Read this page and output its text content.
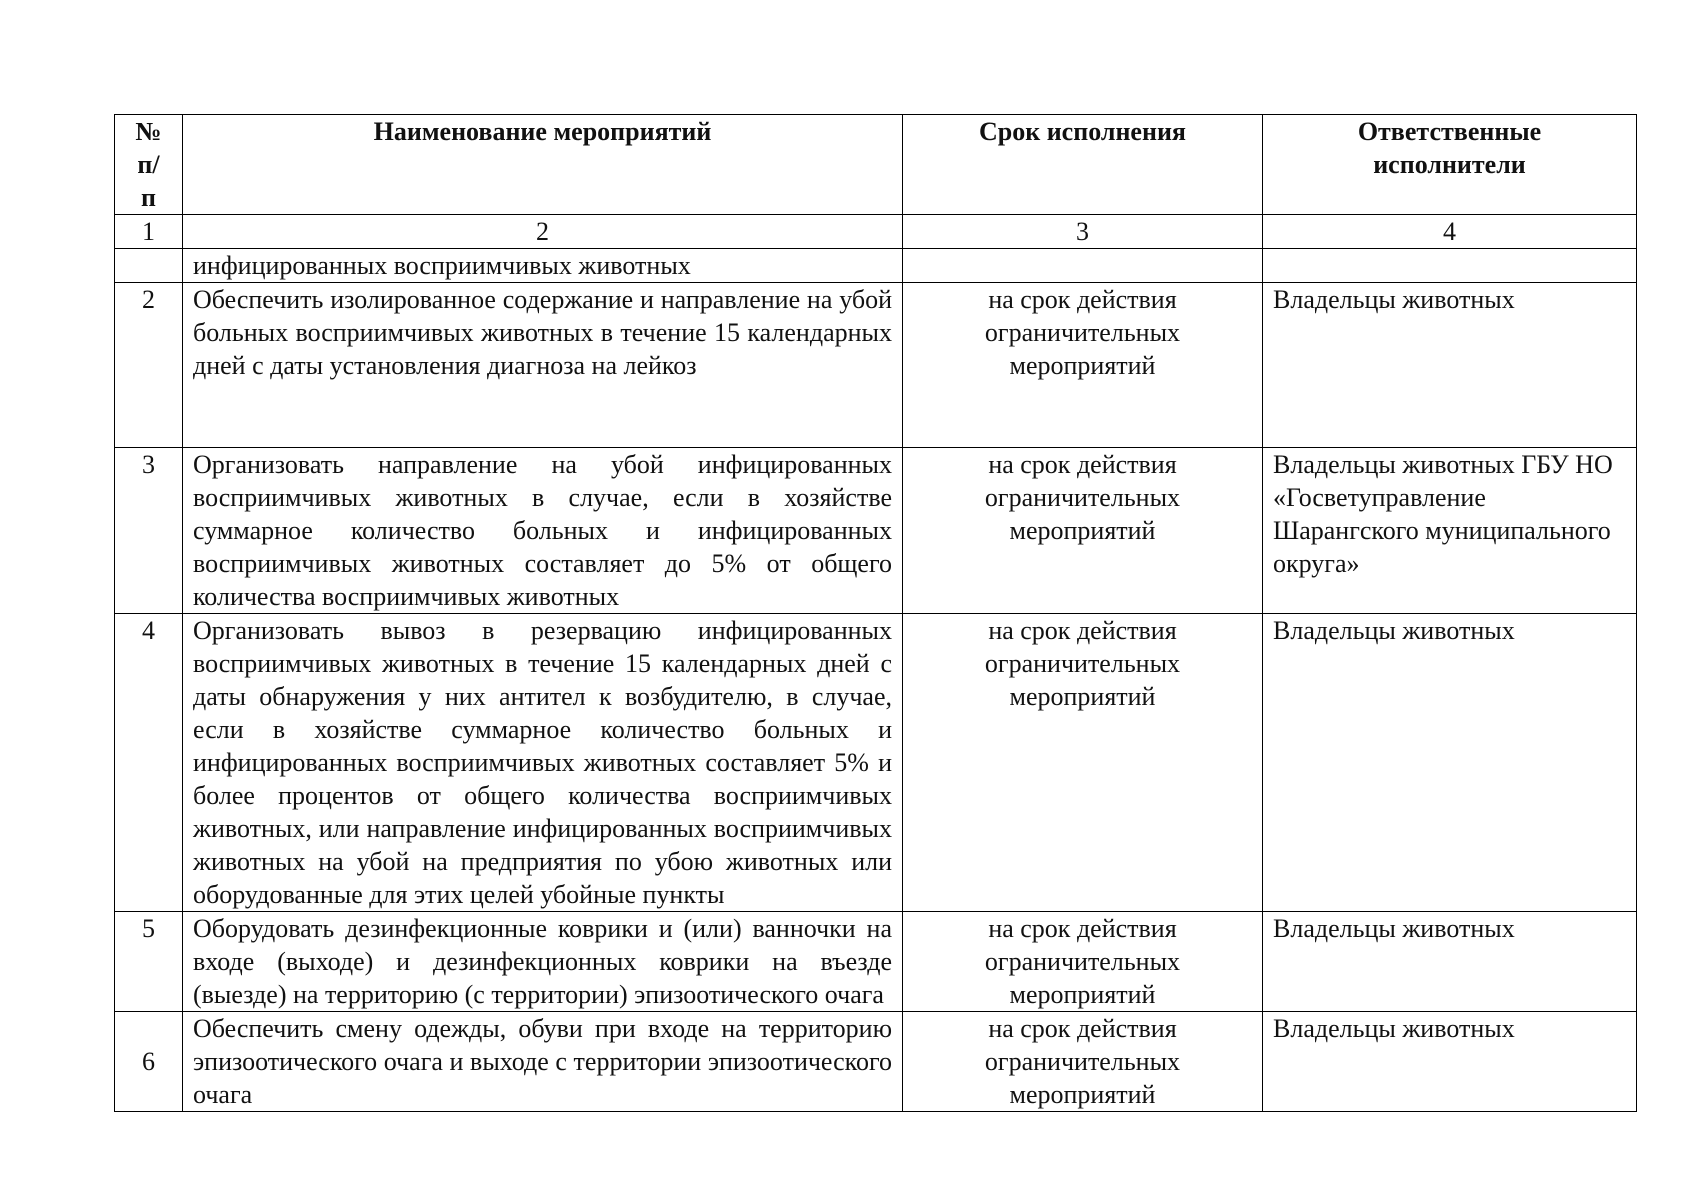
№ п/п	Наименование мероприятий	Срок исполнения	Ответственные исполнители
1	2	3	4
	инфицированных восприимчивых животных		
2	Обеспечить изолированное содержание и направление на убой больных восприимчивых животных в течение 15 календарных дней с даты установления диагноза на лейкоз	на срок действия ограничительных мероприятий	Владельцы животных
3	Организовать направление на убой инфицированных восприимчивых животных в случае, если в хозяйстве суммарное количество больных и инфицированных восприимчивых животных составляет до 5% от общего количества восприимчивых животных	на срок действия ограничительных мероприятий	Владельцы животных ГБУ НО «Госветуправление Шарангского муниципального округа»
4	Организовать вывоз в резервацию инфицированных восприимчивых животных в течение 15 календарных дней с даты обнаружения у них антител к возбудителю, в случае, если в хозяйстве суммарное количество больных и инфицированных восприимчивых животных составляет 5% и более процентов от общего количества восприимчивых животных, или направление инфицированных восприимчивых животных на убой на предприятия по убою животных или оборудованные для этих целей убойные пункты	на срок действия ограничительных мероприятий	Владельцы животных
5	Оборудовать дезинфекционные коврики и (или) ванночки на входе (выходе) и дезинфекционных коврики на въезде (выезде) на территорию (с территории) эпизоотического очага	на срок действия ограничительных мероприятий	Владельцы животных
6	Обеспечить смену одежды, обуви при входе на территорию эпизоотического очага и выходе с территории эпизоотического очага	на срок действия ограничительных мероприятий	Владельцы животных
